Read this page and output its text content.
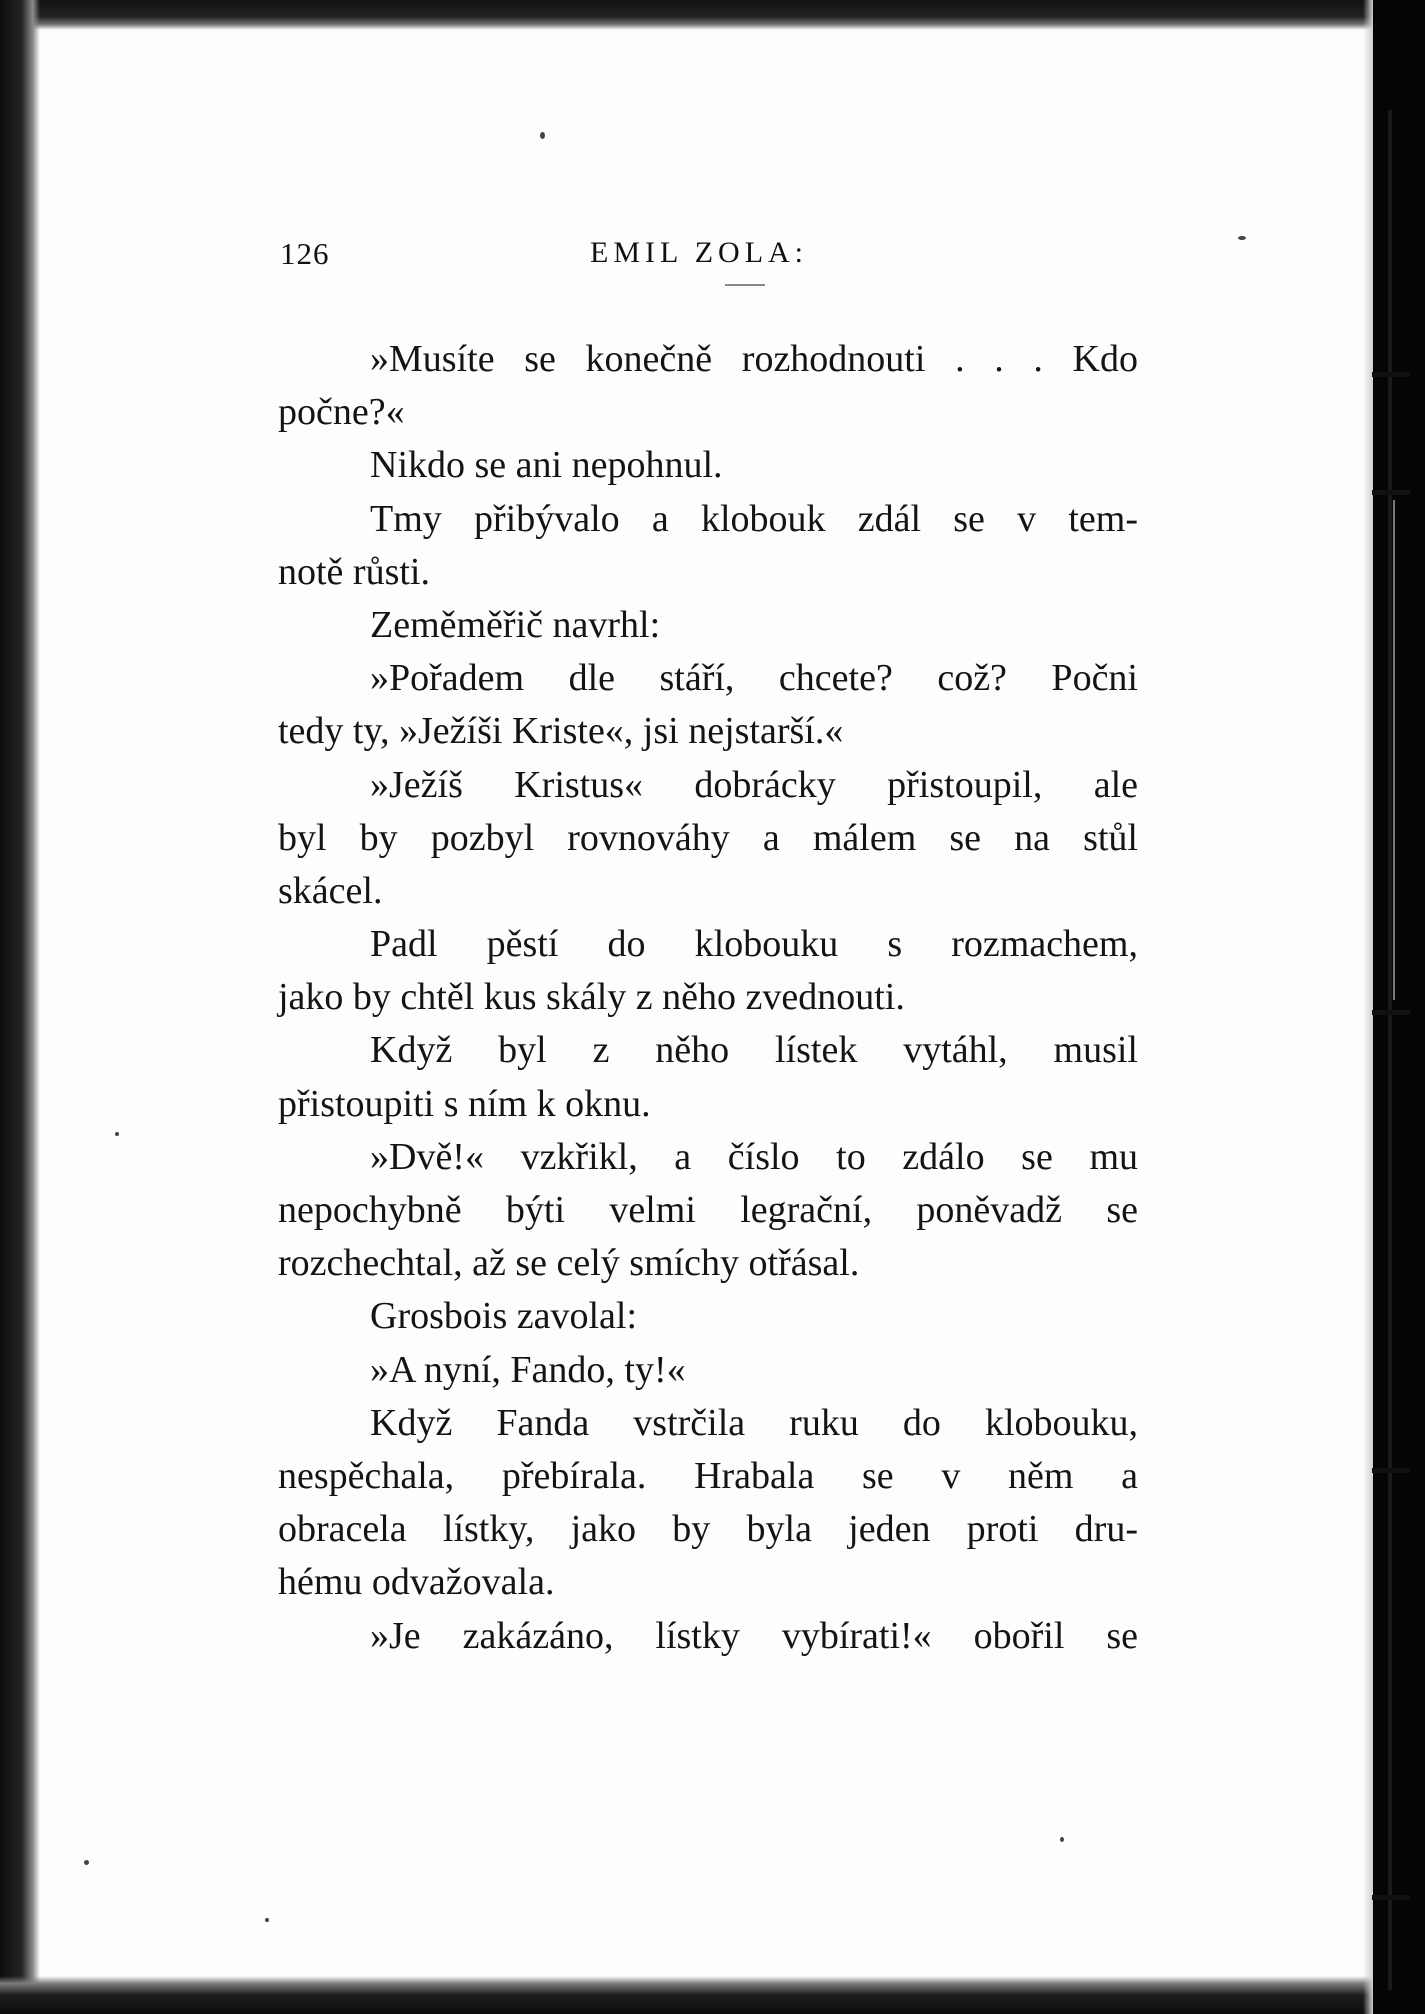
126	EMIL ZOLA:
»Musíte se konečně rozhodnouti . . . Kdo
počne?«
Nikdo se ani nepohnul.
Tmy přibývalo a klobouk zdál se v tem-
notě růsti.
Zeměměřič navrhl:
»Pořadem dle stáří, chcete? což? Počni
tedy ty, »Ježíši Kriste«, jsi nejstarší.«
»Ježíš Kristus« dobrácky přistoupil, ale
byl by pozbyl rovnováhy a málem se na stůl
skácel.
Padl pěstí do klobouku s rozmachem,
jako by chtěl kus skály z něho zvednouti.
Když byl z něho lístek vytáhl, musil
přistoupiti s ním k oknu.
»Dvě!« vzkřikl, a číslo to zdálo se mu
nepochybně býti velmi legrační, poněvadž se
rozchechtal, až se celý smíchy otřásal.
Grosbois zavolal:
»A nyní, Fando, ty!«
Když Fanda vstrčila ruku do klobouku,
nespěchala, přebírala. Hrabala se v něm a
obracela lístky, jako by byla jeden proti dru-
hému odvažovala.
»Je zakázáno, lístky vybírati!« obořil se
